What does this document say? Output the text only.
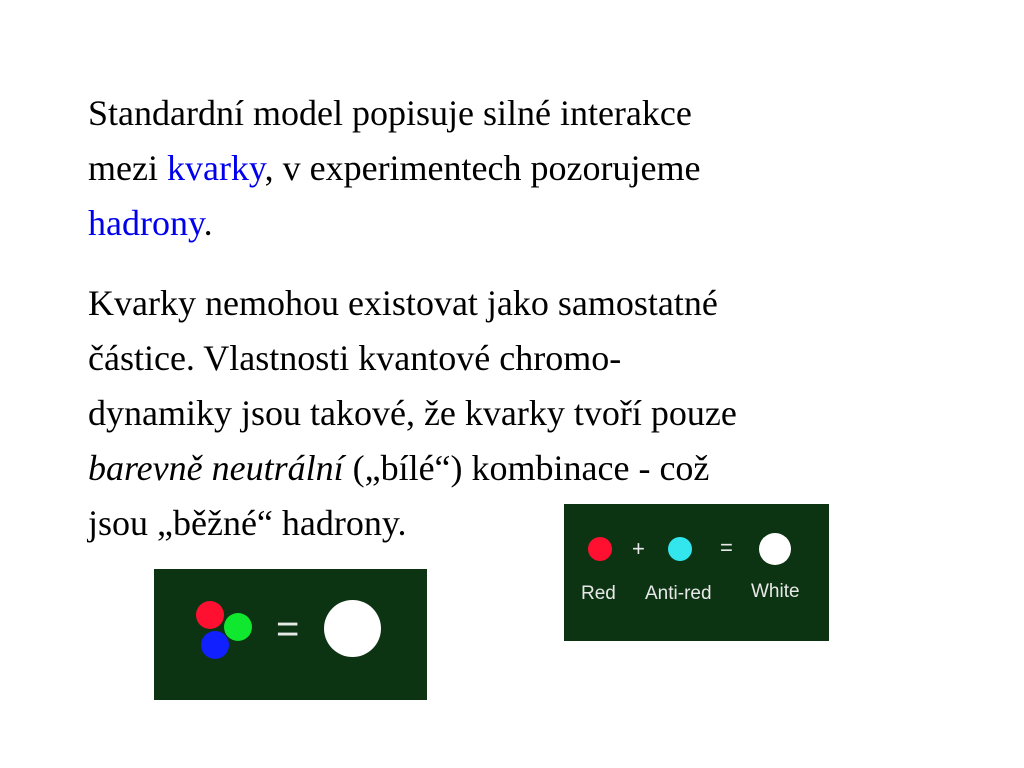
Standardní model popisuje silné interakce
mezi kvarky, v experimentech pozorujeme
hadrony.

Kvarky nemohou existovat jako samostatné
částice. Vlastnosti kvantové chromo-
dynamiky jsou takové, že kvarky tvoří pouze
barevně neutrální („bílé“) kombinace - což
jsou „běžné“ hadrony.

=
+	=
Red Anti-red White
